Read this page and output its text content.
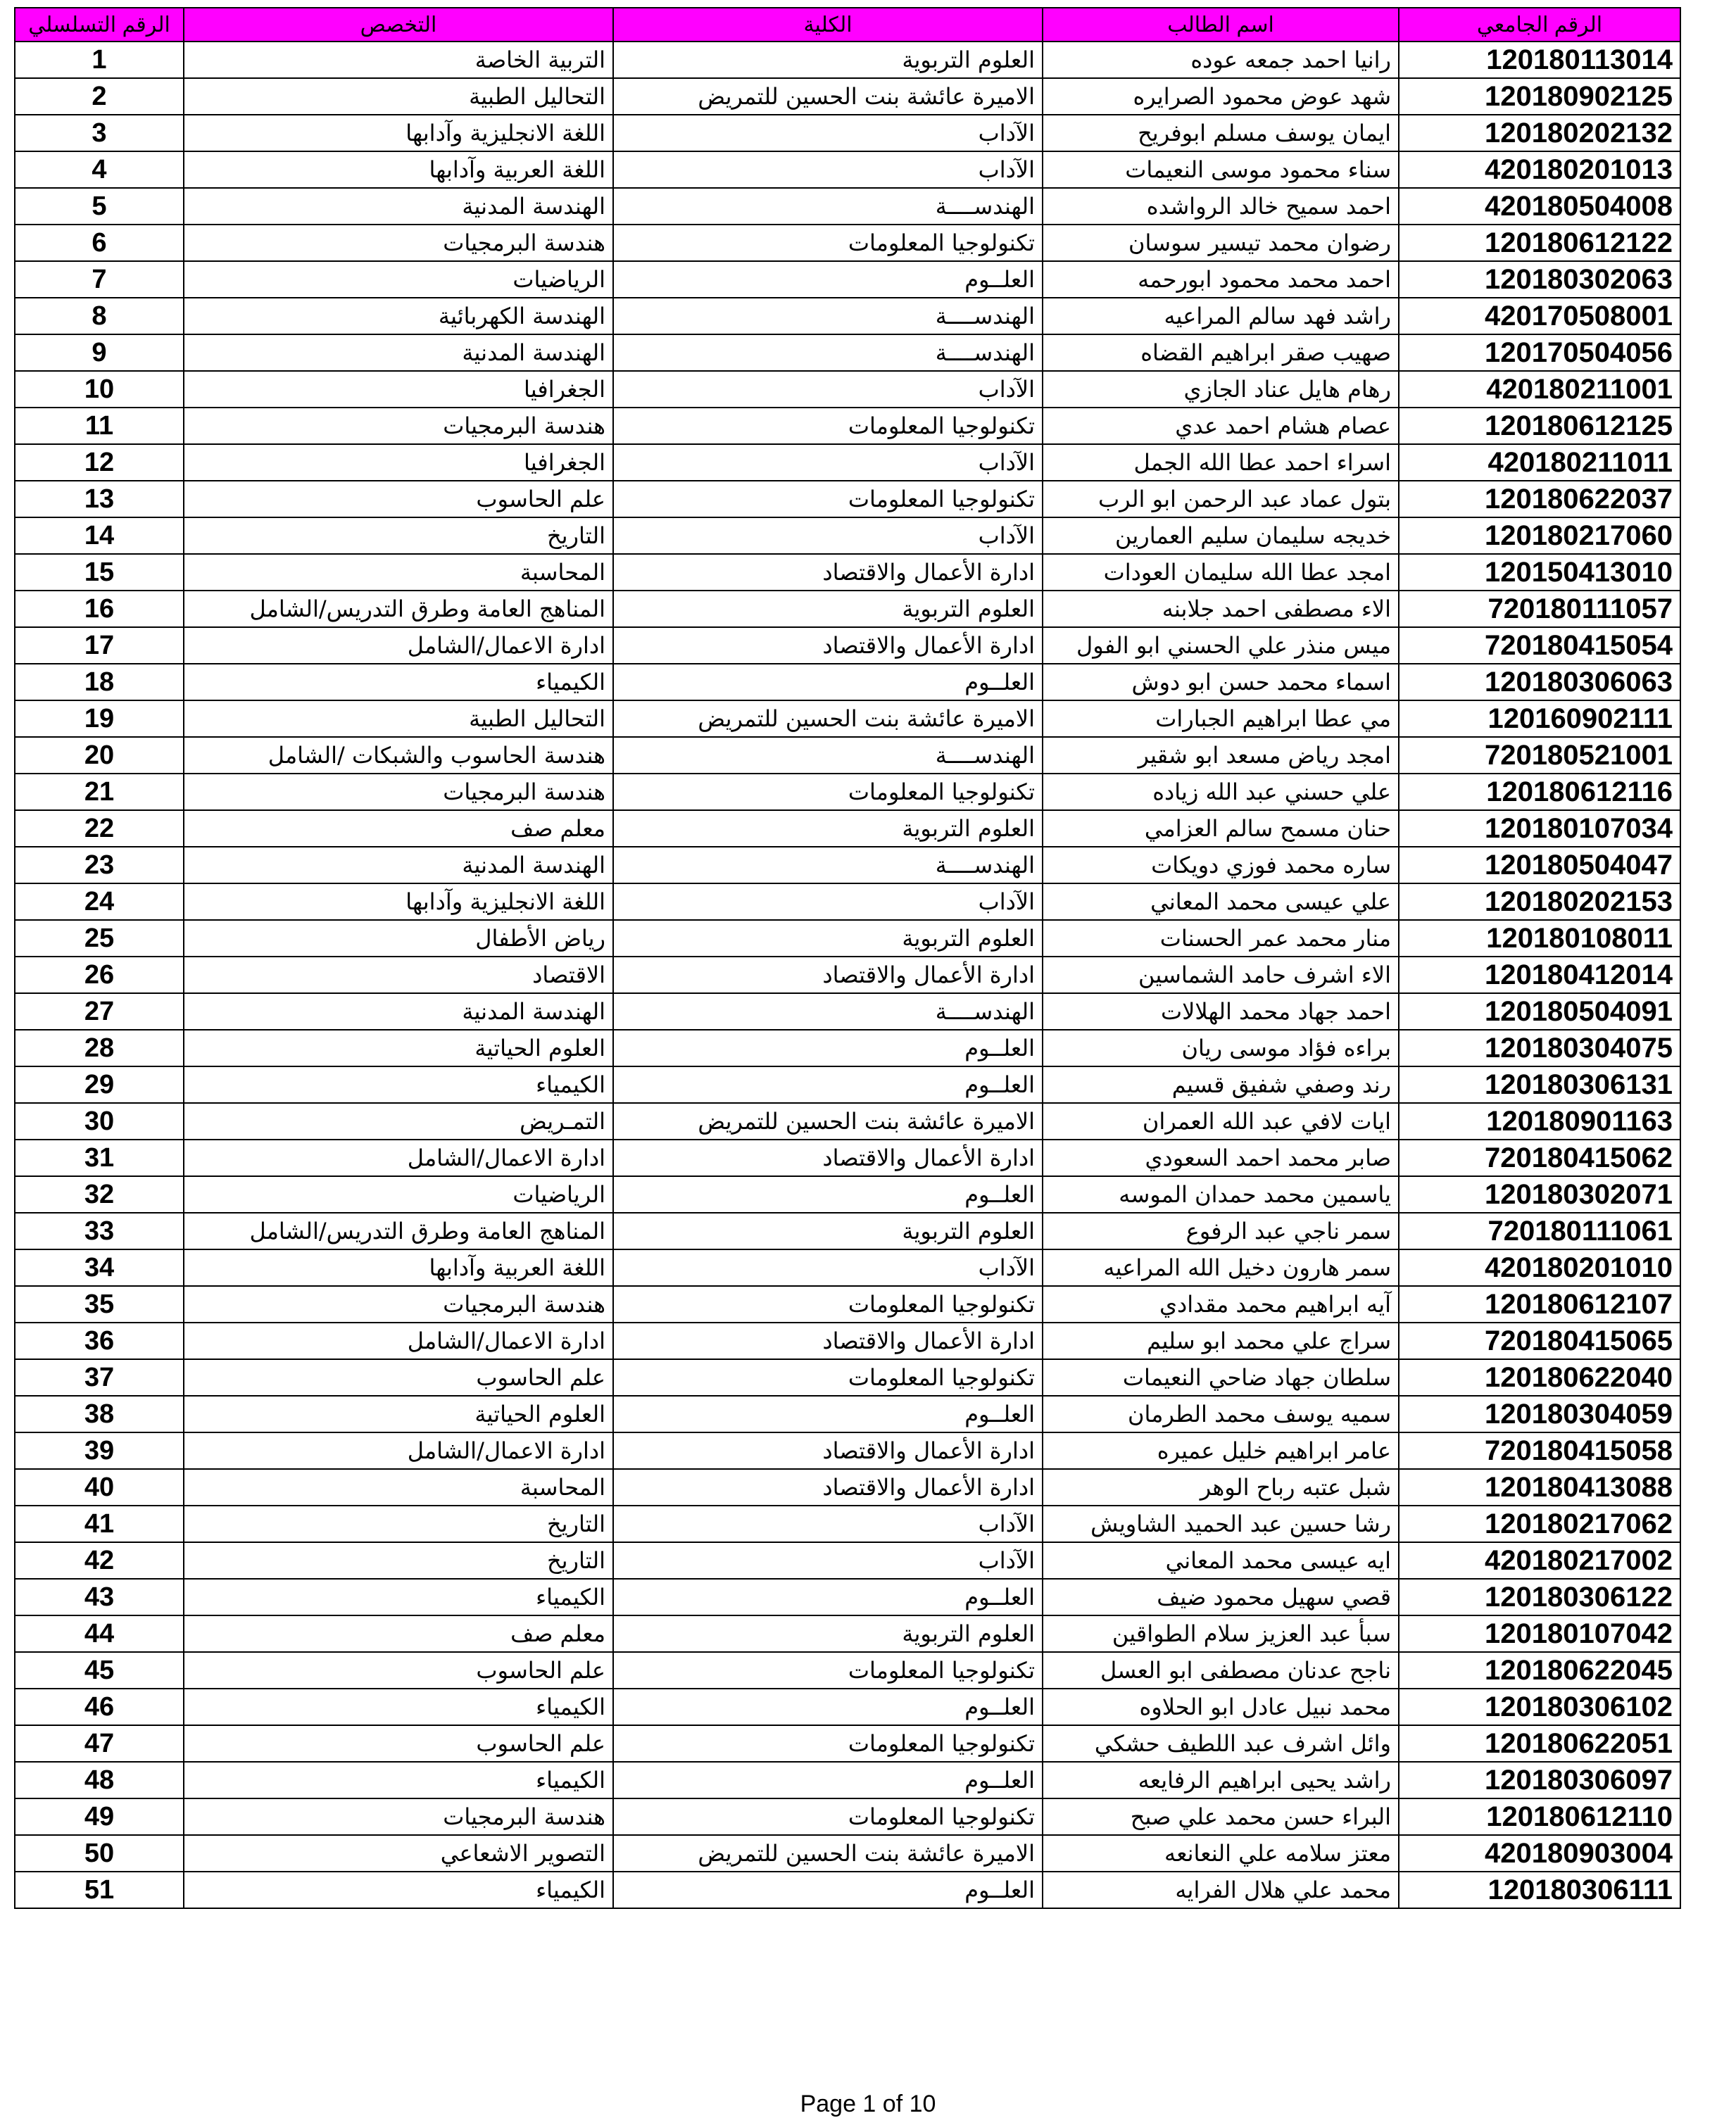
الرقم التسلسلي	التخصص	الكلية	اسم الطالب	الرقم الجامعي
1	التربية الخاصة	العلوم التربوية	رانيا احمد جمعه عوده	120180113014
2	التحاليل الطبية	الاميرة عائشة بنت الحسين للتمريض	شهد عوض محمود الصرايره	120180902125
3	اللغة الانجليزية وآدابها	الآداب	ايمان يوسف مسلم ابوفريح	120180202132
4	اللغة العربية وآدابها	الآداب	سناء محمود موسى النعيمات	420180201013
5	الهندسة المدنية	الهندســــة	احمد سميح خالد الرواشده	420180504008
6	هندسة البرمجيات	تكنولوجيا المعلومات	رضوان محمد تيسير سوسان	120180612122
7	الرياضيات	العلــوم	احمد محمد محمود ابورحمه	120180302063
8	الهندسة الكهربائية	الهندســــة	راشد فهد سالم المراعيه	420170508001
9	الهندسة المدنية	الهندســــة	صهيب صقر ابراهيم القضاه	120170504056
10	الجغرافيا	الآداب	رهام هايل عناد الجازي	420180211001
11	هندسة البرمجيات	تكنولوجيا المعلومات	عصام هشام احمد عدي	120180612125
12	الجغرافيا	الآداب	اسراء احمد عطا الله الجمل	420180211011
13	علم الحاسوب	تكنولوجيا المعلومات	بتول عماد عبد الرحمن ابو الرب	120180622037
14	التاريخ	الآداب	خديجه سليمان سليم العمارين	120180217060
15	المحاسبة	ادارة الأعمال والاقتصاد	امجد عطا الله سليمان العودات	120150413010
16	المناهج العامة وطرق التدريس/الشامل	العلوم التربوية	الاء مصطفى احمد جلابنه	720180111057
17	ادارة الاعمال/الشامل	ادارة الأعمال والاقتصاد	ميس منذر علي الحسني ابو الفول	720180415054
18	الكيمياء	العلــوم	اسماء محمد حسن ابو دوش	120180306063
19	التحاليل الطبية	الاميرة عائشة بنت الحسين للتمريض	مي عطا ابراهيم الجبارات	120160902111
20	هندسة الحاسوب والشبكات /الشامل	الهندســــة	امجد رياض مسعد ابو شقير	720180521001
21	هندسة البرمجيات	تكنولوجيا المعلومات	علي حسني عبد الله زياده	120180612116
22	معلم صف	العلوم التربوية	حنان مسمح سالم العزامي	120180107034
23	الهندسة المدنية	الهندســــة	ساره محمد فوزي دويكات	120180504047
24	اللغة الانجليزية وآدابها	الآداب	علي عيسى محمد المعاني	120180202153
25	رياض الأطفال	العلوم التربوية	منار محمد عمر الحسنات	120180108011
26	الاقتصاد	ادارة الأعمال والاقتصاد	الاء اشرف حامد الشماسين	120180412014
27	الهندسة المدنية	الهندســــة	احمد جهاد محمد الهلالات	120180504091
28	العلوم الحياتية	العلــوم	براءه فؤاد موسى ريان	120180304075
29	الكيمياء	العلــوم	رند وصفي شفيق قسيم	120180306131
30	التمـريض	الاميرة عائشة بنت الحسين للتمريض	ايات لافي عبد الله العمران	120180901163
31	ادارة الاعمال/الشامل	ادارة الأعمال والاقتصاد	صابر محمد احمد السعودي	720180415062
32	الرياضيات	العلــوم	ياسمين محمد حمدان الموسه	120180302071
33	المناهج العامة وطرق التدريس/الشامل	العلوم التربوية	سمر ناجي عبد الرفوع	720180111061
34	اللغة العربية وآدابها	الآداب	سمر هارون دخيل الله المراعيه	420180201010
35	هندسة البرمجيات	تكنولوجيا المعلومات	آيه ابراهيم محمد مقدادي	120180612107
36	ادارة الاعمال/الشامل	ادارة الأعمال والاقتصاد	سراج علي محمد ابو سليم	720180415065
37	علم الحاسوب	تكنولوجيا المعلومات	سلطان جهاد ضاحي النعيمات	120180622040
38	العلوم الحياتية	العلــوم	سميه يوسف محمد الطرمان	120180304059
39	ادارة الاعمال/الشامل	ادارة الأعمال والاقتصاد	عامر ابراهيم خليل عميره	720180415058
40	المحاسبة	ادارة الأعمال والاقتصاد	شبل عتبه رباح الوهر	120180413088
41	التاريخ	الآداب	رشا حسين عبد الحميد الشاويش	120180217062
42	التاريخ	الآداب	ايه عيسى محمد المعاني	420180217002
43	الكيمياء	العلــوم	قصي سهيل محمود ضيف	120180306122
44	معلم صف	العلوم التربوية	سبأ عبد العزيز سلام الطواقين	120180107042
45	علم الحاسوب	تكنولوجيا المعلومات	ناجح عدنان مصطفى ابو العسل	120180622045
46	الكيمياء	العلــوم	محمد نبيل عادل ابو الحلاوه	120180306102
47	علم الحاسوب	تكنولوجيا المعلومات	وائل اشرف عبد اللطيف حشكي	120180622051
48	الكيمياء	العلــوم	راشد يحيى ابراهيم الرفايعه	120180306097
49	هندسة البرمجيات	تكنولوجيا المعلومات	البراء حسن محمد علي صبح	120180612110
50	التصوير الاشعاعي	الاميرة عائشة بنت الحسين للتمريض	معتز سلامه علي النعانعه	420180903004
51	الكيمياء	العلــوم	محمد علي هلال الفرايه	120180306111
Page 1 of 10
